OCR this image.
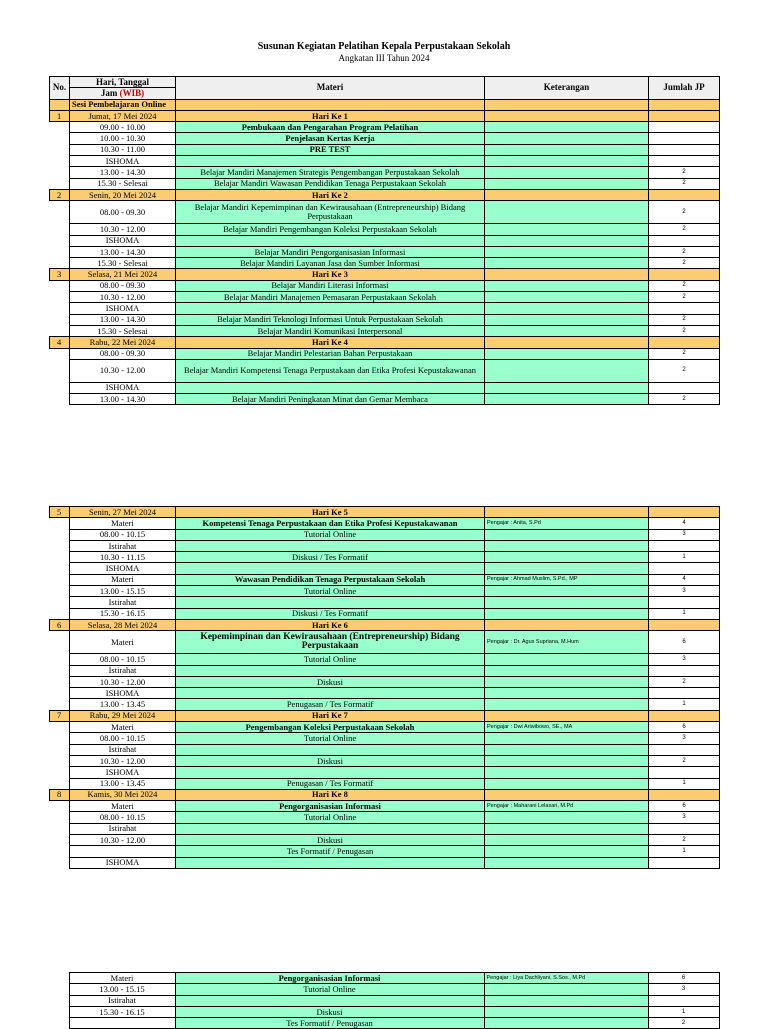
Susunan Kegiatan Pelatihan Kepala Perpustakaan Sekolah
Angkatan III Tahun 2024
No.	Hari, Tanggal	Materi	Keterangan	Jumlah JP
	Jam (WIB)			
	Sesi Pembelajaran Online			
1	Jumat, 17 Mei 2024	Hari Ke 1		
	09.00 - 10.00	Pembukaan dan Pengarahan Program Pelatihan		
	10.00 - 10.30	Penjelasan Kertas Kerja		
	10.30 - 11.00	PRE TEST		
	ISHOMA			
	13.00 - 14.30	Belajar Mandiri Manajemen Strategis Pengembangan Perpustakaan Sekolah		2
	15.30 - Selesai	Belajar Mandiri Wawasan Pendidikan Tenaga Perpustakaan Sekolah		2
2	Senin, 20 Mei 2024	Hari Ke 2		
	08.00 - 09.30	Belajar Mandiri Kepemimpinan dan Kewirausahaan (Entrepreneurship) Bidang Perpustakaan		2
	10.30 - 12.00	Belajar Mandiri Pengembangan Koleksi Perpustakaan Sekolah		2
	ISHOMA			
	13.00 - 14.30	Belajar Mandiri Pengorganisasian Informasi		2
	15.30 - Selesai	Belajar Mandiri Layanan Jasa dan Sumber Informasi		2
3	Selasa, 21 Mei 2024	Hari Ke 3		
	08.00 - 09.30	Belajar Mandiri Literasi Informasi		2
	10.30 - 12.00	Belajar Mandiri Manajemen Pemasaran Perpustakaan Sekolah		2
	ISHOMA			
	13.00 - 14.30	Belajar Mandiri Teknologi Informasi Untuk Perpustakaan Sekolah		2
	15.30 - Selesai	Belajar Mandiri Komunikasi Interpersonal		2
4	Rabu, 22 Mei 2024	Hari Ke 4		
	08.00 - 09.30	Belajar Mandiri Pelestarian Bahan Perpustakaan		2
	10.30 - 12.00	Belajar Mandiri Kompetensi Tenaga Perpustakaan dan Etika Profesi Kepustakawanan		2
	ISHOMA			
	13.00 - 14.30	Belajar Mandiri Peningkatan Minat dan Gemar Membaca		2
5	Senin, 27 Mei 2024	Hari Ke 5		
	Materi	Kompetensi Tenaga Perpustakaan dan Etika Profesi Kepustakawanan	Pengajar : Anita, S.Pd	4
	08.00 - 10.15	Tutorial Online		3
	Istirahat			
	10.30 - 11.15	Diskusi / Tes Formatif		1
	ISHOMA			
	Materi	Wawasan Pendidikan Tenaga Perpustakaan Sekolah	Pengajar : Ahmad Muslim, S.Pd., MP	4
	13.00 - 15.15	Tutorial Online		3
	Istirahat			
	15.30 - 16.15	Diskusi / Tes Formatif		1
6	Selasa, 28 Mei 2024	Hari Ke 6		
	Materi	Kepemimpinan dan Kewirausahaan (Entrepreneurship) Bidang Perpustakaan	Pengajar : Dr. Agus Supriana, M.Hum	6
	08.00 - 10.15	Tutorial Online		3
	Istirahat			
	10.30 - 12.00	Diskusi		2
	ISHOMA			
	13.00 - 13.45	Penugasan / Tes Formatif		1
7	Rabu, 29 Mei 2024	Hari Ke 7		
	Materi	Pengembangan Koleksi Perpustakaan Sekolah	Pengajar : Dwi Ariwibowo, SE., MA	6
	08.00 - 10.15	Tutorial Online		3
	Istirahat			
	10.30 - 12.00	Diskusi		2
	ISHOMA			
	13.00 - 13.45	Penugasan / Tes Formatif		1
8	Kamis, 30 Mei 2024	Hari Ke 8		
	Materi	Pengorganisasian Informasi	Pengajar : Maharani Lelasari, M.Pd	6
	08.00 - 10.15	Tutorial Online		3
	Istirahat			
	10.30 - 12.00	Diskusi		2
		Tes Formatif / Penugasan		1
	ISHOMA			
	Materi	Pengorganisasian Informasi	Pengajar : Liya Dachliyani, S.Sos., M.Pd	6
	13.00 - 15.15	Tutorial Online		3
	Istirahat			
	15.30 - 16.15	Diskusi		1
		Tes Formatif / Penugasan		2
